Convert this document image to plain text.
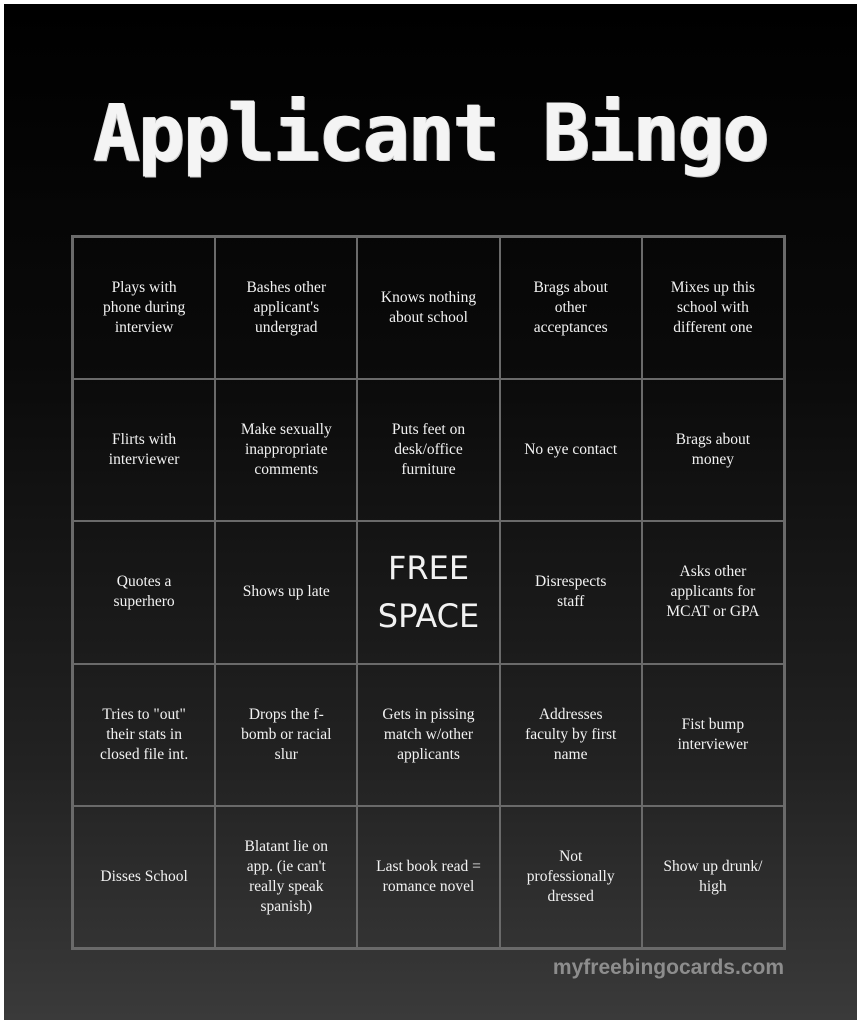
Applicant Bingo
Plays with
phone during
interview
Bashes other
applicant's
undergrad
Knows nothing
about school
Brags about
other
acceptances
Mixes up this
school with
different one
Flirts with
interviewer
Make sexually
inappropriate
comments
Puts feet on
desk/office
furniture
No eye contact
Brags about
money
Quotes a
superhero
Shows up late
FREE
SPACE
Disrespects
staff
Asks other
applicants for
MCAT or GPA
Tries to "out"
their stats in
closed file int.
Drops the f-
bomb or racial
slur
Gets in pissing
match w/other
applicants
Addresses
faculty by first
name
Fist bump
interviewer
Disses School
Blatant lie on
app. (ie can't
really speak
spanish)
Last book read =
romance novel
Not
professionally
dressed
Show up drunk/
high
myfreebingocards.com
